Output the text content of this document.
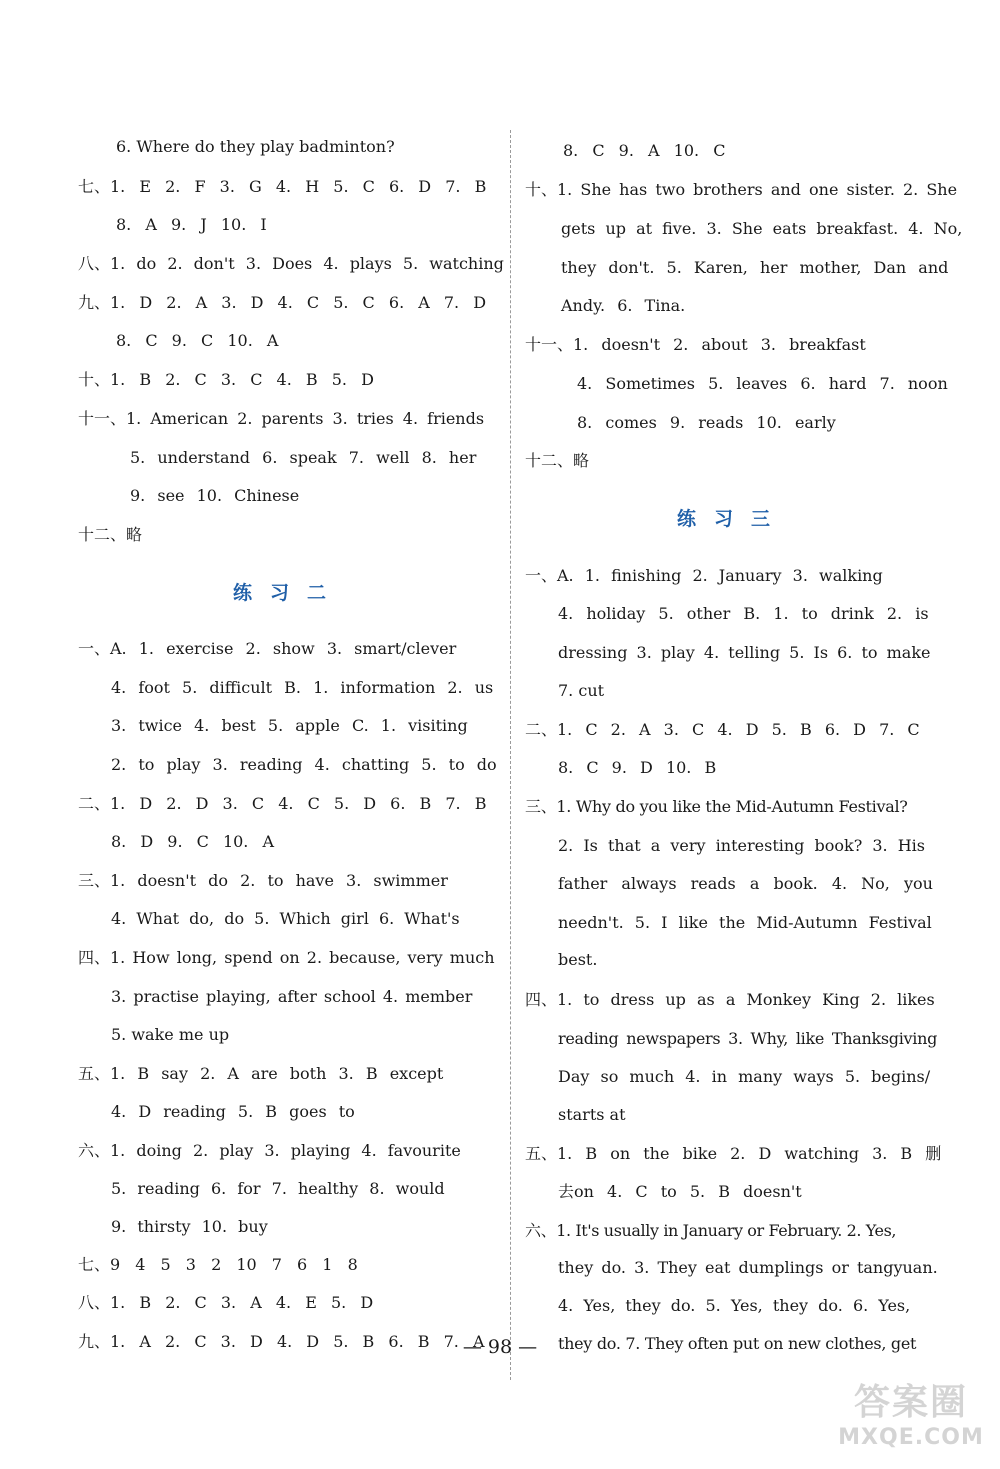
6. Where do they play badminton?
七、1. E 2. F 3. G 4. H 5. C 6. D 7. B
8. A 9. J 10. I
八、1. do 2. don't 3. Does 4. plays 5. watching
九、1. D 2. A 3. D 4. C 5. C 6. A 7. D
8. C 9. C 10. A
十、1. B 2. C 3. C 4. B 5. D
十一、1. American 2. parents 3. tries 4. friends
5. understand 6. speak 7. well 8. her
9. see 10. Chinese
十二、略
练习二
一、A. 1. exercise 2. show 3. smart/clever
4. foot 5. difficult B. 1. information 2. us
3. twice 4. best 5. apple C. 1. visiting
2. to play 3. reading 4. chatting 5. to do
二、1. D 2. D 3. C 4. C 5. D 6. B 7. B
8. D 9. C 10. A
三、1. doesn't do 2. to have 3. swimmer
4. What do, do 5. Which girl 6. What's
四、1. How long, spend on 2. because, very much
3. practise playing, after school 4. member
5. wake me up
五、1. B say 2. A are both 3. B except
4. D reading 5. B goes to
六、1. doing 2. play 3. playing 4. favourite
5. reading 6. for 7. healthy 8. would
9. thirsty 10. buy
七、9 4 5 3 2 10 7 6 1 8
八、1. B 2. C 3. A 4. E 5. D
九、1. A 2. C 3. D 4. D 5. B 6. B 7. A
8. C 9. A 10. C
十、1. She has two brothers and one sister. 2. She
gets up at five. 3. She eats breakfast. 4. No,
they don't. 5. Karen, her mother, Dan and
Andy. 6. Tina.
十一、1. doesn't 2. about 3. breakfast
4. Sometimes 5. leaves 6. hard 7. noon
8. comes 9. reads 10. early
十二、略
练习三
一、A. 1. finishing 2. January 3. walking
4. holiday 5. other B. 1. to drink 2. is
dressing 3. play 4. telling 5. Is 6. to make
7. cut
二、1. C 2. A 3. C 4. D 5. B 6. D 7. C
8. C 9. D 10. B
三、1. Why do you like the Mid-Autumn Festival?
2. Is that a very interesting book? 3. His
father always reads a book. 4. No, you
needn't. 5. I like the Mid-Autumn Festival
best.
四、1. to dress up as a Monkey King 2. likes
reading newspapers 3. Why, like Thanksgiving
Day so much 4. in many ways 5. begins/
starts at
五、1. B on the bike 2. D watching 3. B 删
去on 4. C to 5. B doesn't
六、1. It's usually in January or February. 2. Yes,
they do. 3. They eat dumplings or tangyuan.
4. Yes, they do. 5. Yes, they do. 6. Yes,
they do. 7. They often put on new clothes, get
— 98 —
答案圈
MXQE.COM
